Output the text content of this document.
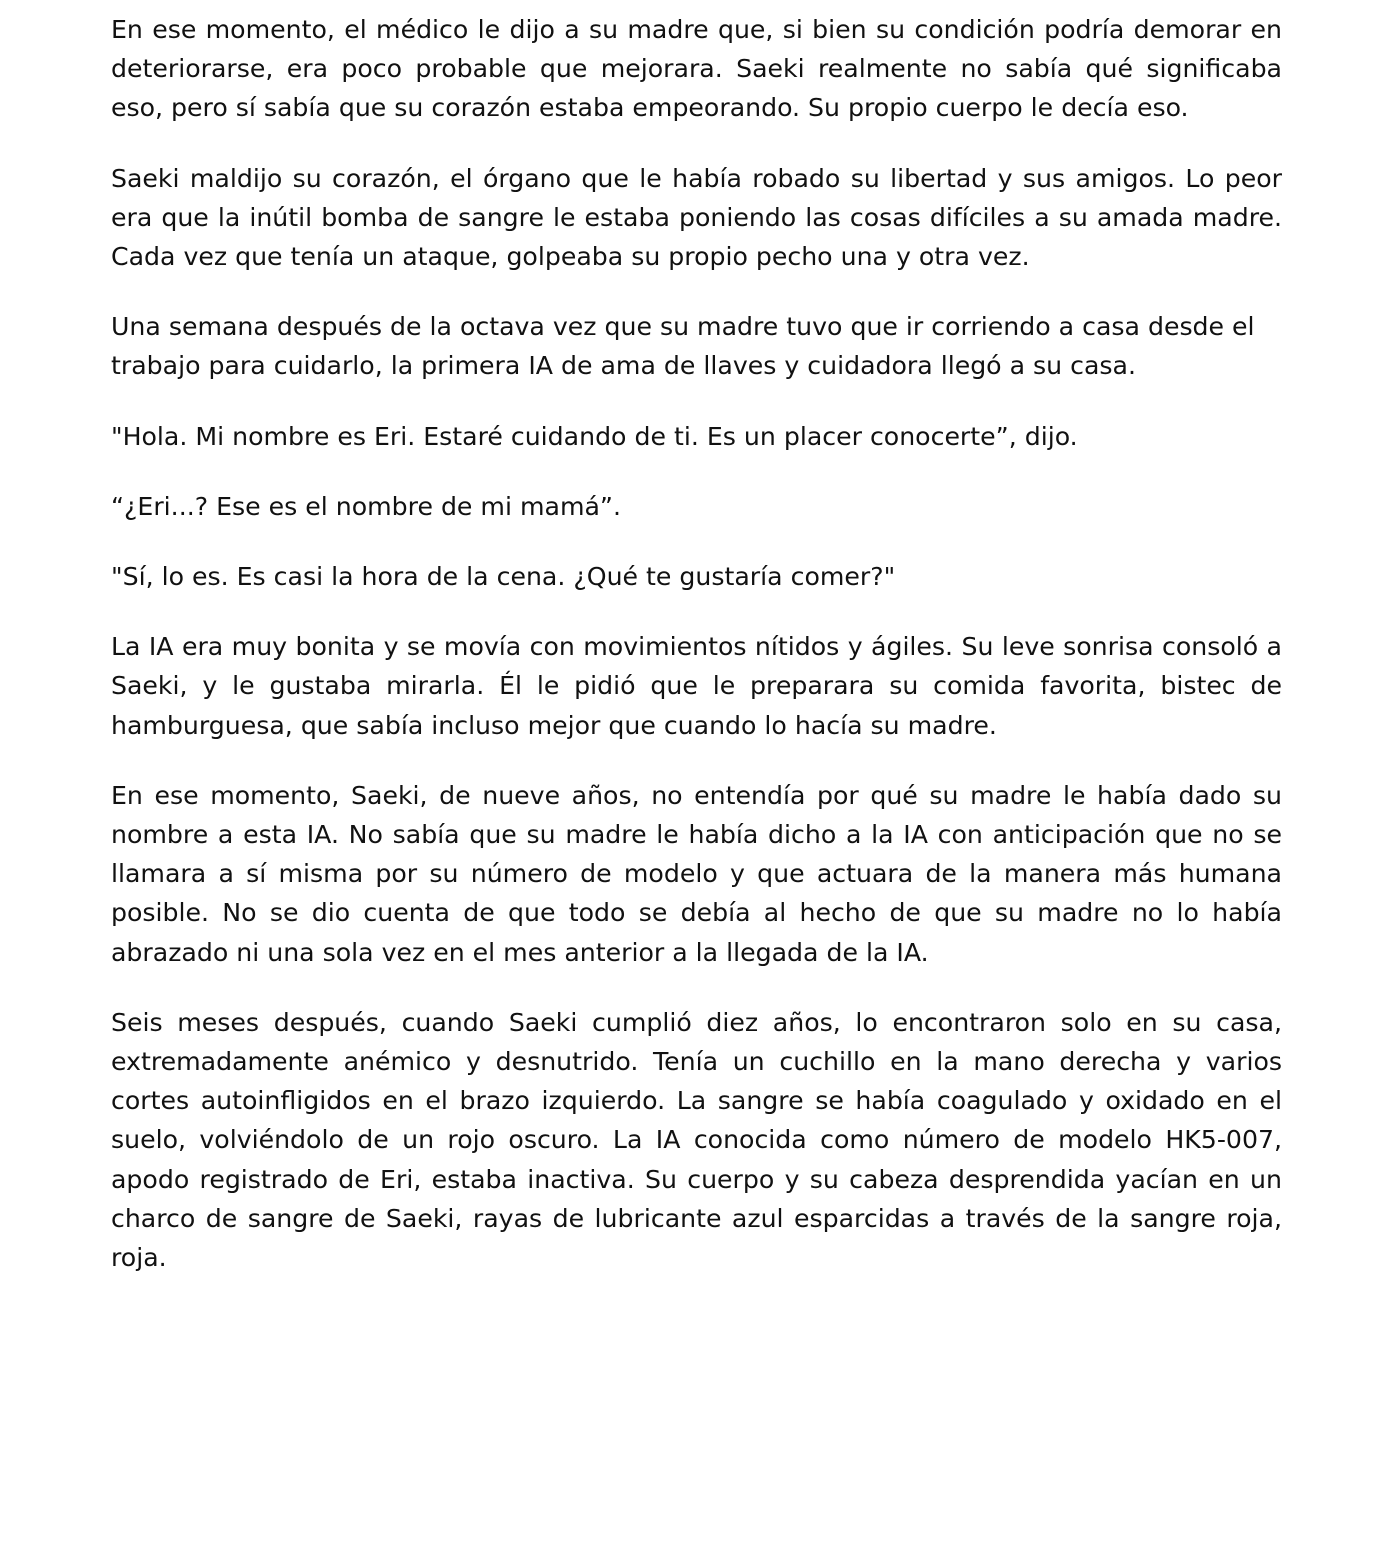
En ese momento, el médico le dijo a su madre que, si bien su condición podría demorar en deteriorarse, era poco probable que mejorara. Saeki realmente no sabía qué significaba eso, pero sí sabía que su corazón estaba empeorando. Su propio cuerpo le decía eso.

Saeki maldijo su corazón, el órgano que le había robado su libertad y sus amigos. Lo peor era que la inútil bomba de sangre le estaba poniendo las cosas difíciles a su amada madre. Cada vez que tenía un ataque, golpeaba su propio pecho una y otra vez.

Una semana después de la octava vez que su madre tuvo que ir corriendo a casa desde el trabajo para cuidarlo, la primera IA de ama de llaves y cuidadora llegó a su casa.

"Hola. Mi nombre es Eri. Estaré cuidando de ti. Es un placer conocerte”, dijo.

“¿Eri...? Ese es el nombre de mi mamá”.

"Sí, lo es. Es casi la hora de la cena. ¿Qué te gustaría comer?"

La IA era muy bonita y se movía con movimientos nítidos y ágiles. Su leve sonrisa consoló a Saeki, y le gustaba mirarla. Él le pidió que le preparara su comida favorita, bistec de hamburguesa, que sabía incluso mejor que cuando lo hacía su madre.

En ese momento, Saeki, de nueve años, no entendía por qué su madre le había dado su nombre a esta IA. No sabía que su madre le había dicho a la IA con anticipación que no se llamara a sí misma por su número de modelo y que actuara de la manera más humana posible. No se dio cuenta de que todo se debía al hecho de que su madre no lo había abrazado ni una sola vez en el mes anterior a la llegada de la IA.

Seis meses después, cuando Saeki cumplió diez años, lo encontraron solo en su casa, extremadamente anémico y desnutrido. Tenía un cuchillo en la mano derecha y varios cortes autoinfligidos en el brazo izquierdo. La sangre se había coagulado y oxidado en el suelo, volviéndolo de un rojo oscuro. La IA conocida como número de modelo HK5-007, apodo registrado de Eri, estaba inactiva. Su cuerpo y su cabeza desprendida yacían en un charco de sangre de Saeki, rayas de lubricante azul esparcidas a través de la sangre roja, roja.
